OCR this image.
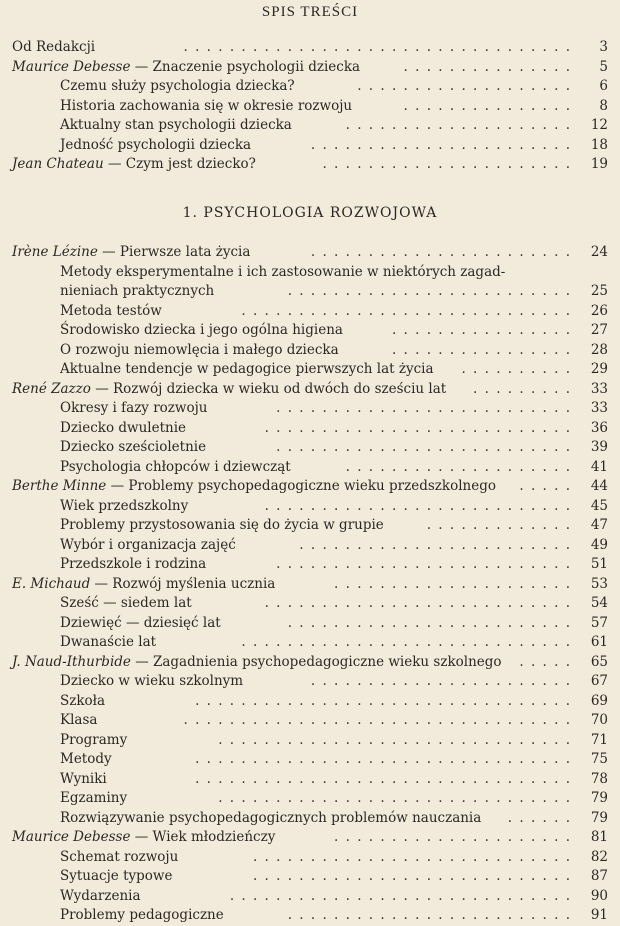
SPIS TREŚCI
Od Redakcji	. . . . . . . . . . . . . . . . . . . . . . . . . . . . . . . . . . 3
Maurice Debesse — Znaczenie psychologii dziecka	. . . . . . . . . . . . . . . 5
Czemu służy psychologia dziecka?	. . . . . . . . . . . . . . . . . . . 6
Historia zachowania się w okresie rozwoju	. . . . . . . . . . . . . . . 8
Aktualny stan psychologii dziecka	. . . . . . . . . . . . . . . . . . . . 12
Jedność psychologii dziecka	. . . . . . . . . . . . . . . . . . . . . . . 18
Jean Chateau — Czym jest dziecko?	. . . . . . . . . . . . . . . . . . . . . . 19
1. PSYCHOLOGIA ROZWOJOWA
Irène Lézine — Pierwsze lata życia	. . . . . . . . . . . . . . . . . . . . . . . 24
Metody eksperymentalne i ich zastosowanie w niektórych zagad-
nieniach praktycznych	. . . . . . . . . . . . . . . . . . . . . . . . . 25
Metoda testów	. . . . . . . . . . . . . . . . . . . . . . . . . . . . . 26
Środowisko dziecka i jego ogólna higiena	. . . . . . . . . . . . . . . . 27
O rozwoju niemowlęcia i małego dziecka	. . . . . . . . . . . . . . . . 28
Aktualne tendencje w pedagogice pierwszych lat życia . . . . . . . . . . 29
René Zazzo — Rozwój dziecka w wieku od dwóch do sześciu lat . . . . . . . . . 33
Okresy i fazy rozwoju	. . . . . . . . . . . . . . . . . . . . . . . . . . 33
Dziecko dwuletnie	. . . . . . . . . . . . . . . . . . . . . . . . . . . 36
Dziecko sześcioletnie	. . . . . . . . . . . . . . . . . . . . . . . . . . 39
Psychologia chłopców i dziewcząt	. . . . . . . . . . . . . . . . . . . . 41
Berthe Minne — Problemy psychopedagogiczne wieku przedszkolnego . . . . . 44
Wiek przedszkolny	. . . . . . . . . . . . . . . . . . . . . . . . . . . 45
Problemy przystosowania się do życia w grupie	. . . . . . . . . . . . . 47
Wybór i organizacja zajęć	. . . . . . . . . . . . . . . . . . . . . . . . 49
Przedszkole i rodzina	. . . . . . . . . . . . . . . . . . . . . . . . . . 51
E. Michaud — Rozwój myślenia ucznia	. . . . . . . . . . . . . . . . . . . . . 53
Sześć — siedem lat	. . . . . . . . . . . . . . . . . . . . . . . . . . . 54
Dziewięć — dziesięć lat	. . . . . . . . . . . . . . . . . . . . . . . . . 57
Dwanaście lat	. . . . . . . . . . . . . . . . . . . . . . . . . . . . . 61
J. Naud-Ithurbide — Zagadnienia psychopedagogiczne wieku szkolnego . . . . . 65
Dziecko w wieku szkolnym	. . . . . . . . . . . . . . . . . . . . . . . 67
Szkoła	. . . . . . . . . . . . . . . . . . . . . . . . . . . . . . . . . 69
Klasa	. . . . . . . . . . . . . . . . . . . . . . . . . . . . . . . . . . 70
Programy	. . . . . . . . . . . . . . . . . . . . . . . . . . . . . . . 71
Metody	. . . . . . . . . . . . . . . . . . . . . . . . . . . . . . . . . 75
Wyniki	. . . . . . . . . . . . . . . . . . . . . . . . . . . . . . . . . 78
Egzaminy	. . . . . . . . . . . . . . . . . . . . . . . . . . . . . . . 79
Rozwiązywanie psychopedagogicznych problemów nauczania . . . . . . 79
Maurice Debesse — Wiek młodzieńczy	. . . . . . . . . . . . . . . . . . . . . 81
Schemat rozwoju	. . . . . . . . . . . . . . . . . . . . . . . . . . . . 82
Sytuacje typowe	. . . . . . . . . . . . . . . . . . . . . . . . . . . . 87
Wydarzenia	. . . . . . . . . . . . . . . . . . . . . . . . . . . . . . 90
Problemy pedagogiczne	. . . . . . . . . . . . . . . . . . . . . . . . . 91
